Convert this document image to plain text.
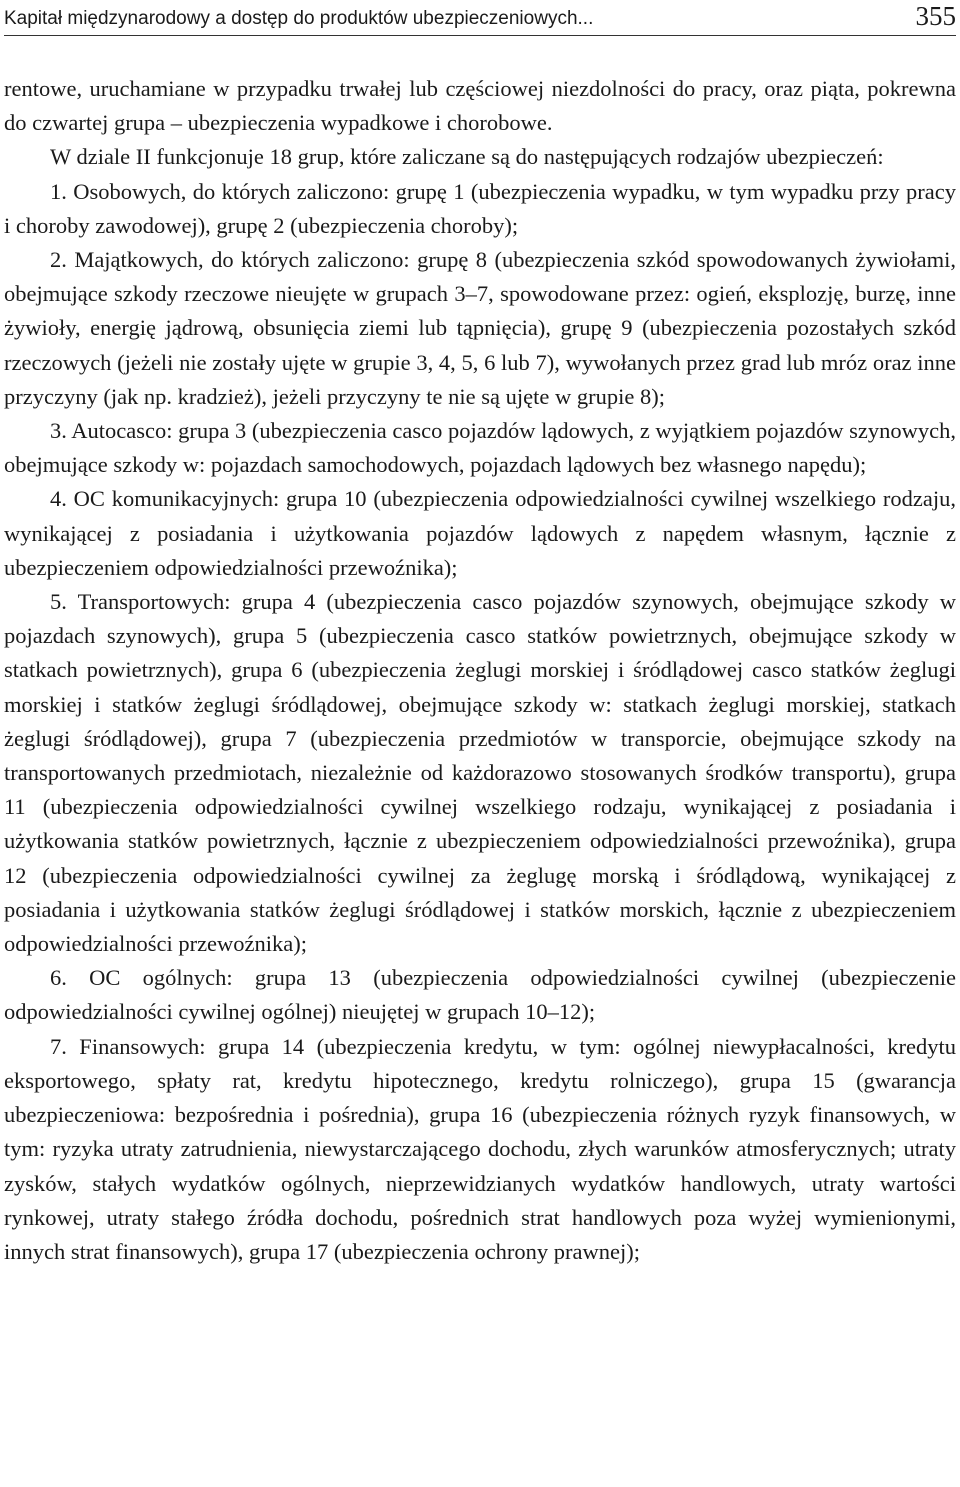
Kapitał międzynarodowy a dostęp do produktów ubezpieczeniowych...	355

rentowe, uruchamiane w przypadku trwałej lub częściowej niezdolności do pracy, oraz piąta, pokrewna do czwartej grupa – ubezpieczenia wypadkowe i chorobowe.

W dziale II funkcjonuje 18 grup, które zaliczane są do następujących rodzajów ubezpieczeń:

1. Osobowych, do których zaliczono: grupę 1 (ubezpieczenia wypadku, w tym wypadku przy pracy i choroby zawodowej), grupę 2 (ubezpieczenia choroby);

2. Majątkowych, do których zaliczono: grupę 8 (ubezpieczenia szkód spowodowanych żywiołami, obejmujące szkody rzeczowe nieujęte w grupach 3–7, spowodowane przez: ogień, eksplozję, burzę, inne żywioły, energię jądrową, obsunięcia ziemi lub tąpnięcia), grupę 9 (ubezpieczenia pozostałych szkód rzeczowych (jeżeli nie zostały ujęte w grupie 3, 4, 5, 6 lub 7), wywołanych przez grad lub mróz oraz inne przyczyny (jak np. kradzież), jeżeli przyczyny te nie są ujęte w grupie 8);

3. Autocasco: grupa 3 (ubezpieczenia casco pojazdów lądowych, z wyjątkiem pojazdów szynowych, obejmujące szkody w: pojazdach samochodowych, pojazdach lądowych bez własnego napędu);

4. OC komunikacyjnych: grupa 10 (ubezpieczenia odpowiedzialności cywilnej wszelkiego rodzaju, wynikającej z posiadania i użytkowania pojazdów lądowych z napędem własnym, łącznie z ubezpieczeniem odpowiedzialności przewoźnika);

5. Transportowych: grupa 4 (ubezpieczenia casco pojazdów szynowych, obejmujące szkody w pojazdach szynowych), grupa 5 (ubezpieczenia casco statków powietrznych, obejmujące szkody w statkach powietrznych), grupa 6 (ubezpieczenia żeglugi morskiej i śródlądowej casco statków żeglugi morskiej i statków żeglugi śródlądowej, obejmujące szkody w: statkach żeglugi morskiej, statkach żeglugi śródlądowej), grupa 7 (ubezpieczenia przedmiotów w transporcie, obejmujące szkody na transportowanych przedmiotach, niezależnie od każdorazowo stosowanych środków transportu), grupa 11 (ubezpieczenia odpowiedzialności cywilnej wszelkiego rodzaju, wynikającej z posiadania i użytkowania statków powietrznych, łącznie z ubezpieczeniem odpowiedzialności przewoźnika), grupa 12 (ubezpieczenia odpowiedzialności cywilnej za żeglugę morską i śródlądową, wynikającej z posiadania i użytkowania statków żeglugi śródlądowej i statków morskich, łącznie z ubezpieczeniem odpowiedzialności przewoźnika);

6. OC ogólnych: grupa 13 (ubezpieczenia odpowiedzialności cywilnej (ubezpieczenie odpowiedzialności cywilnej ogólnej) nieujętej w grupach 10–12);

7. Finansowych: grupa 14 (ubezpieczenia kredytu, w tym: ogólnej niewypłacalności, kredytu eksportowego, spłaty rat, kredytu hipotecznego, kredytu rolniczego), grupa 15 (gwarancja ubezpieczeniowa: bezpośrednia i pośrednia), grupa 16 (ubezpieczenia różnych ryzyk finansowych, w tym: ryzyka utraty zatrudnienia, niewystarczającego dochodu, złych warunków atmosferycznych; utraty zysków, stałych wydatków ogólnych, nieprzewidzianych wydatków handlowych, utraty wartości rynkowej, utraty stałego źródła dochodu, pośrednich strat handlowych poza wyżej wymienionymi, innych strat finansowych), grupa 17 (ubezpieczenia ochrony prawnej);
